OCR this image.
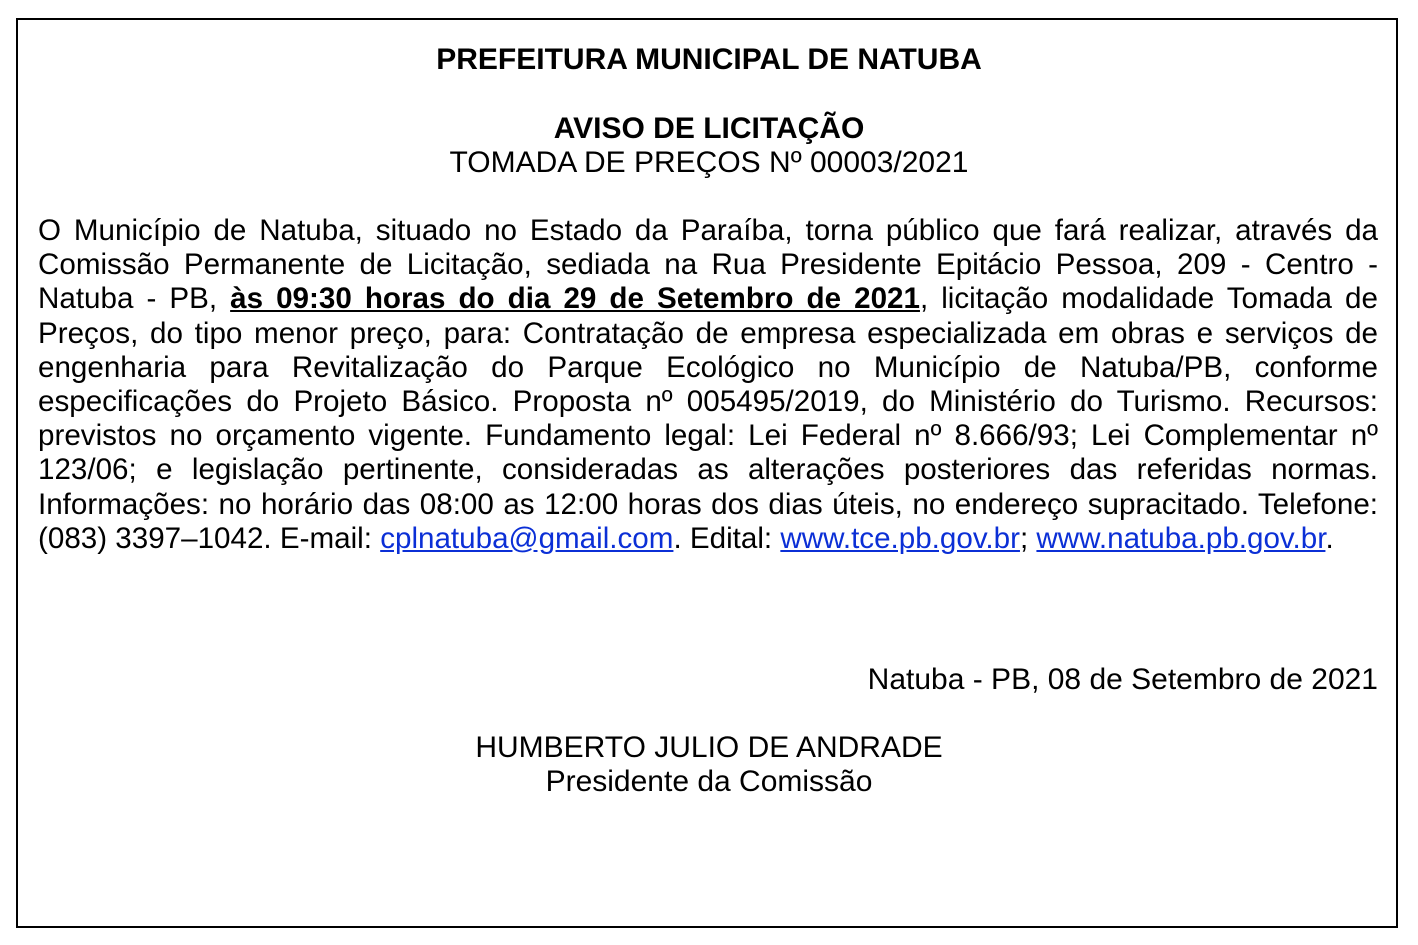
PREFEITURA MUNICIPAL DE NATUBA
AVISO DE LICITAÇÃO
TOMADA DE PREÇOS Nº 00003/2021

O Município de Natuba, situado no Estado da Paraíba, torna público que fará realizar, através da Comissão Permanente de Licitação, sediada na Rua Presidente Epitácio Pessoa, 209 - Centro - Natuba - PB, às 09:30 horas do dia 29 de Setembro de 2021, licitação modalidade Tomada de Preços, do tipo menor preço, para: Contratação de empresa especializada em obras e serviços de engenharia para Revitalização do Parque Ecológico no Município de Natuba/PB, conforme especificações do Projeto Básico. Proposta nº 005495/2019, do Ministério do Turismo. Recursos: previstos no orçamento vigente. Fundamento legal: Lei Federal nº 8.666/93; Lei Complementar nº 123/06; e legislação pertinente, consideradas as alterações posteriores das referidas normas. Informações: no horário das 08:00 as 12:00 horas dos dias úteis, no endereço supracitado. Telefone: (083) 3397–1042. E-mail: cplnatuba@gmail.com. Edital: www.tce.pb.gov.br; www.natuba.pb.gov.br.

Natuba - PB, 08 de Setembro de 2021
HUMBERTO JULIO DE ANDRADE
Presidente da Comissão
